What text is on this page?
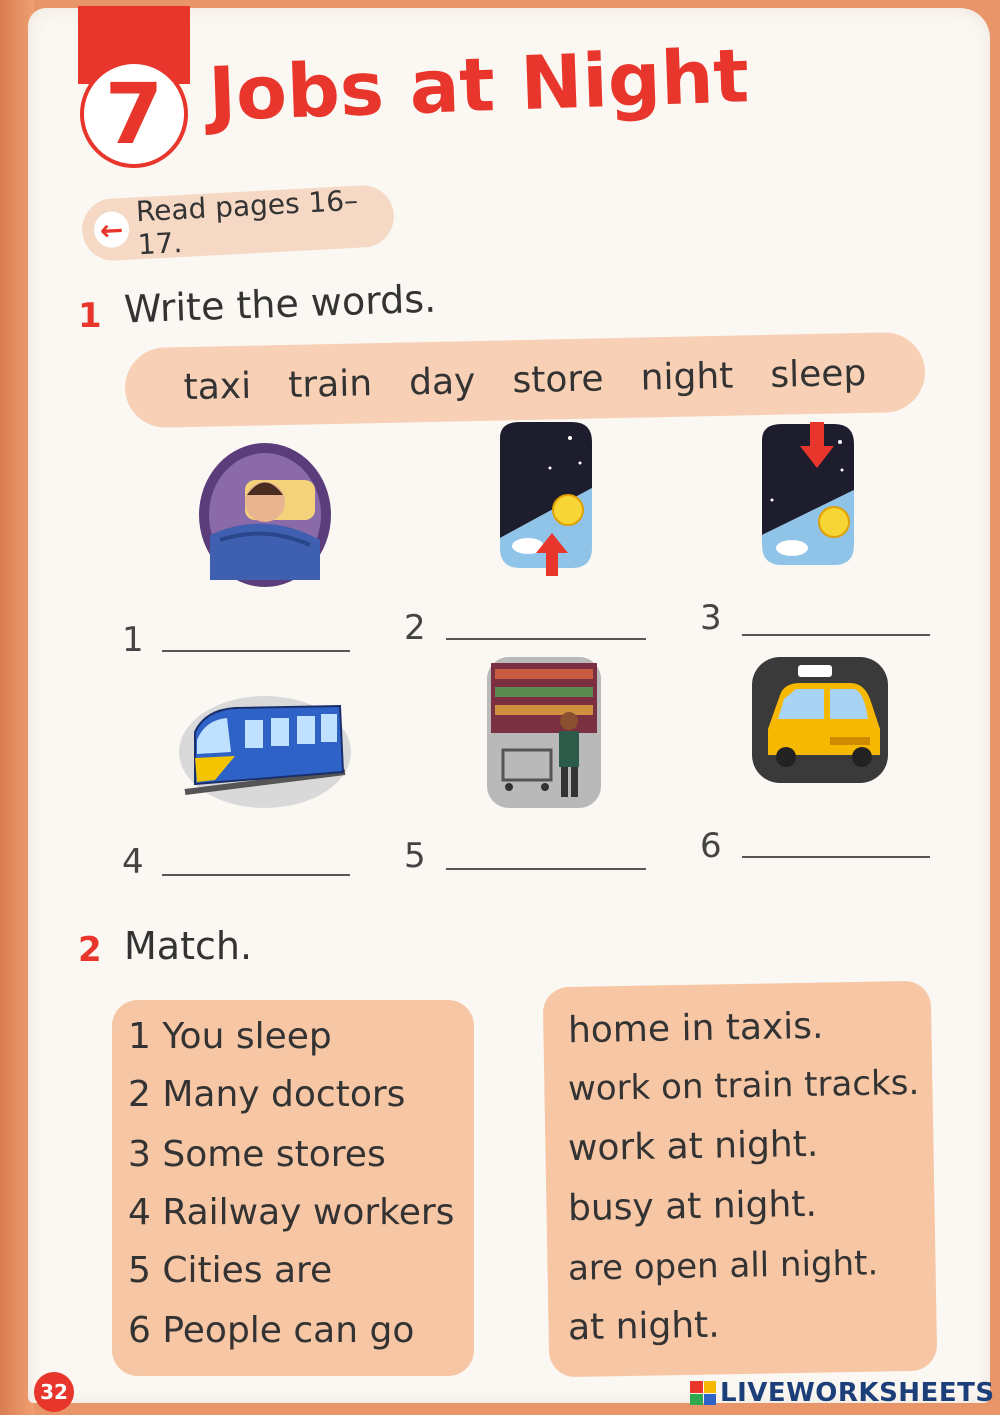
7 Jobs at Night
←
Read pages 16–17.
1 Write the words.
taxi train day store night sleep
1	2	3
4	5	6
2 Match.
1 You sleep
2 Many doctors
3 Some stores
4 Railway workers
5 Cities are
6 People can go
home in taxis.
work on train tracks.
work at night.
busy at night.
are open all night.
at night.
32	LIVEWORKSHEETS
